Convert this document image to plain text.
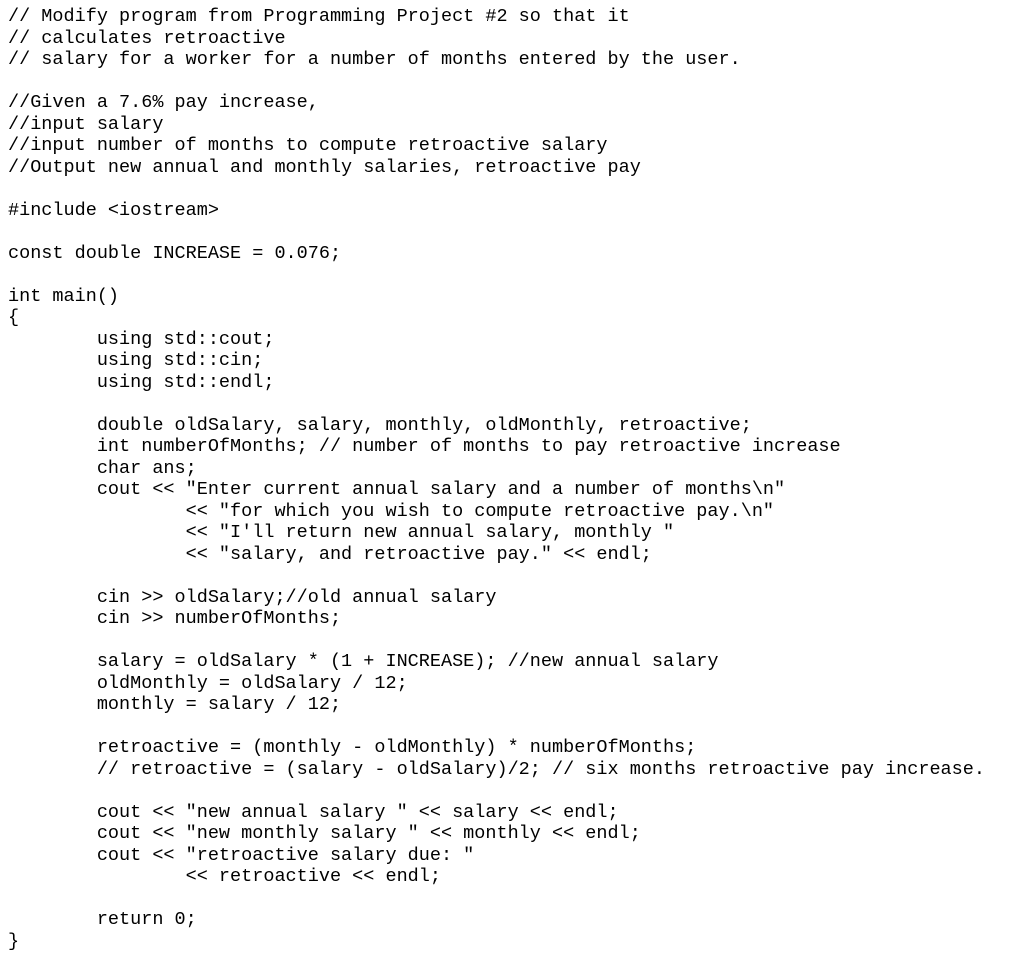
// Modify program from Programming Project #2 so that it
// calculates retroactive
// salary for a worker for a number of months entered by the user.
//Given a 7.6% pay increase,
//input salary
//input number of months to compute retroactive salary
//Output new annual and monthly salaries, retroactive pay
#include <iostream>
const double INCREASE = 0.076;
int main()
{
using std::cout;
using std::cin;
using std::endl;
double oldSalary, salary, monthly, oldMonthly, retroactive;
int numberOfMonths; // number of months to pay retroactive increase
char ans;
cout << "Enter current annual salary and a number of months\n"
<< "for which you wish to compute retroactive pay.\n"
<< "I'll return new annual salary, monthly "
<< "salary, and retroactive pay." << endl;
cin >> oldSalary;//old annual salary
cin >> numberOfMonths;
salary = oldSalary * (1 + INCREASE); //new annual salary
oldMonthly = oldSalary / 12;
monthly = salary / 12;
retroactive = (monthly - oldMonthly) * numberOfMonths;
// retroactive = (salary - oldSalary)/2; // six months retroactive pay increase.
cout << "new annual salary " << salary << endl;
cout << "new monthly salary " << monthly << endl;
cout << "retroactive salary due: "
<< retroactive << endl;
return 0;
}
